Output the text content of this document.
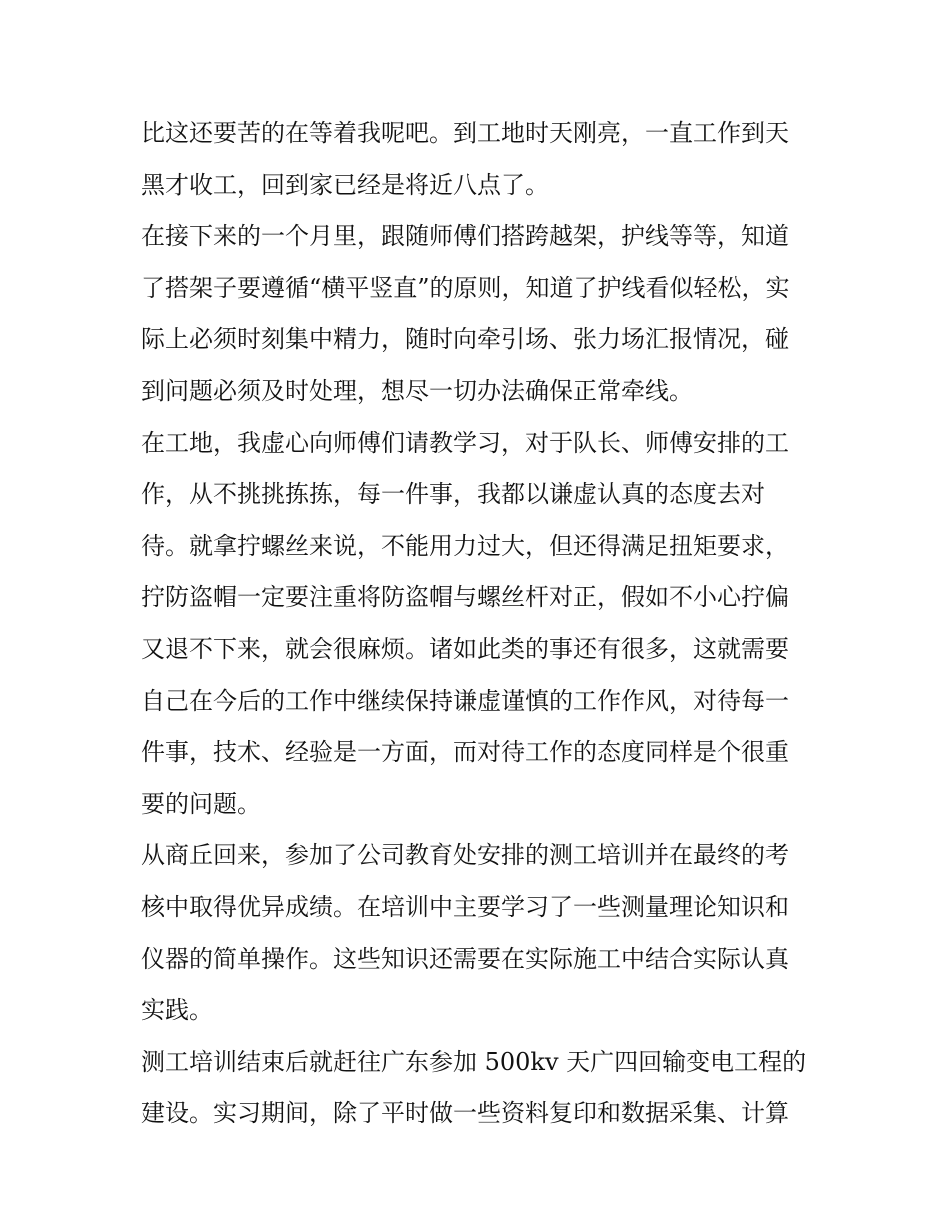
比这还要苦的在等着我呢吧。到工地时天刚亮，一直工作到天
黑才收工，回到家已经是将近八点了。
在接下来的一个月里，跟随师傅们搭跨越架，护线等等，知道
了搭架子要遵循“横平竖直”的原则，知道了护线看似轻松，实
际上必须时刻集中精力，随时向牵引场、张力场汇报情况，碰
到问题必须及时处理，想尽一切办法确保正常牵线。
在工地，我虚心向师傅们请教学习，对于队长、师傅安排的工
作，从不挑挑拣拣，每一件事，我都以谦虚认真的态度去对
待。就拿拧螺丝来说，不能用力过大，但还得满足扭矩要求，
拧防盗帽一定要注重将防盗帽与螺丝杆对正，假如不小心拧偏
又退不下来，就会很麻烦。诸如此类的事还有很多，这就需要
自己在今后的工作中继续保持谦虚谨慎的工作作风，对待每一
件事，技术、经验是一方面，而对待工作的态度同样是个很重
要的问题。
从商丘回来，参加了公司教育处安排的测工培训并在最终的考
核中取得优异成绩。在培训中主要学习了一些测量理论知识和
仪器的简单操作。这些知识还需要在实际施工中结合实际认真
实践。
测工培训结束后就赶往广东参加 500kv 天广四回输变电工程的
建设。实习期间，除了平时做一些资料复印和数据采集、计算
